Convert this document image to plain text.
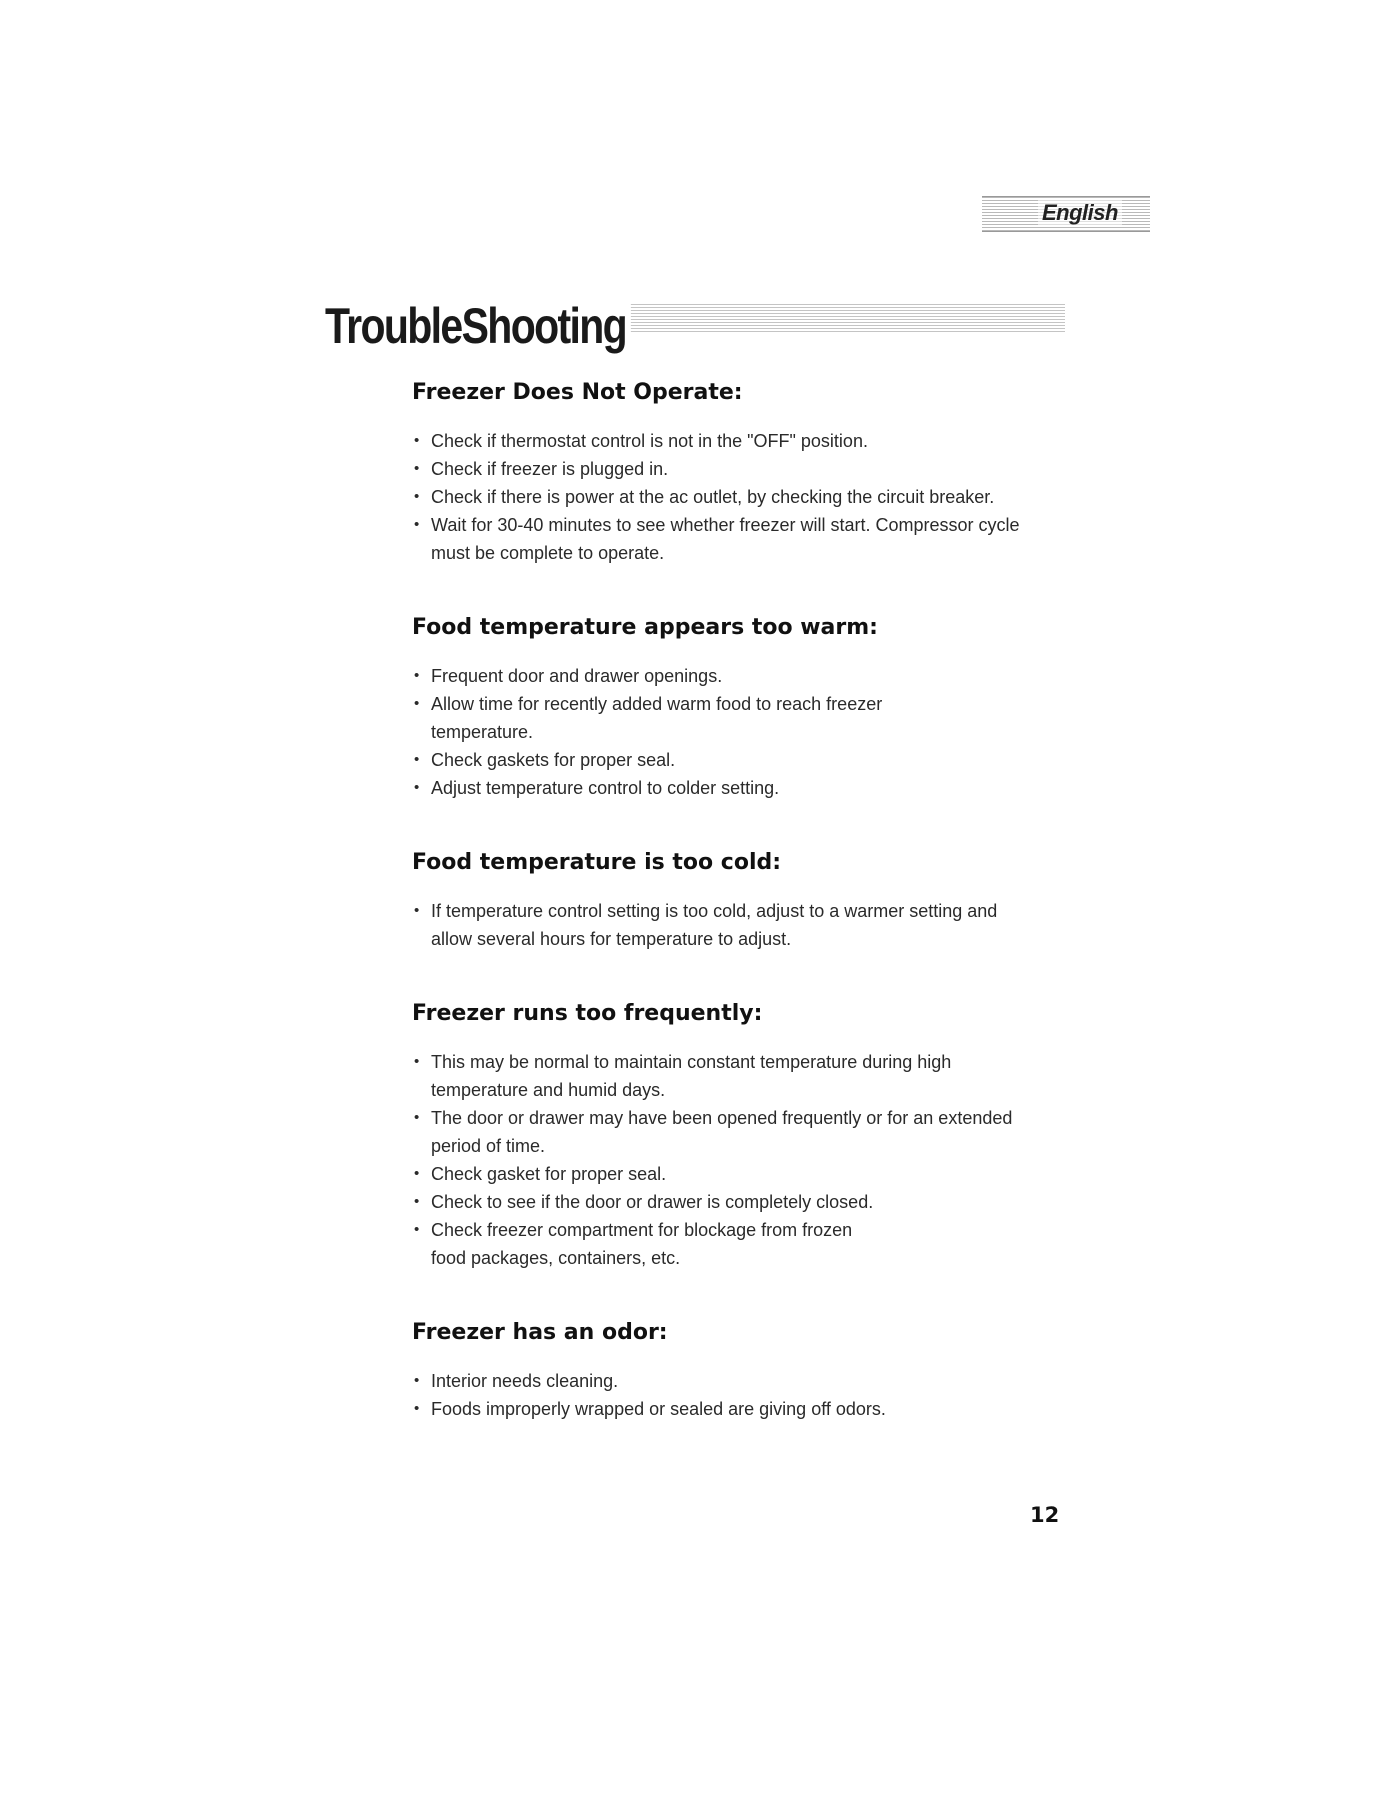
English
TroubleShooting
Freezer Does Not Operate:
• Check if thermostat control is not in the "OFF" position.
• Check if freezer is plugged in.
• Check if there is power at the ac outlet, by checking the circuit breaker.
• Wait for 30-40 minutes to see whether freezer will start. Compressor cycle must be complete to operate.
Food temperature appears too warm:
• Frequent door and drawer openings.
• Allow time for recently added warm food to reach freezer temperature.
• Check gaskets for proper seal.
• Adjust temperature control to colder setting.
Food temperature is too cold:
• If temperature control setting is too cold, adjust to a warmer setting and allow several hours for temperature to adjust.
Freezer runs too frequently:
• This may be normal to maintain constant temperature during high temperature and humid days.
• The door or drawer may have been opened frequently or for an extended period of time.
• Check gasket for proper seal.
• Check to see if the door or drawer is completely closed.
• Check freezer compartment for blockage from frozen food packages, containers, etc.
Freezer has an odor:
• Interior needs cleaning.
• Foods improperly wrapped or sealed are giving off odors.
12
